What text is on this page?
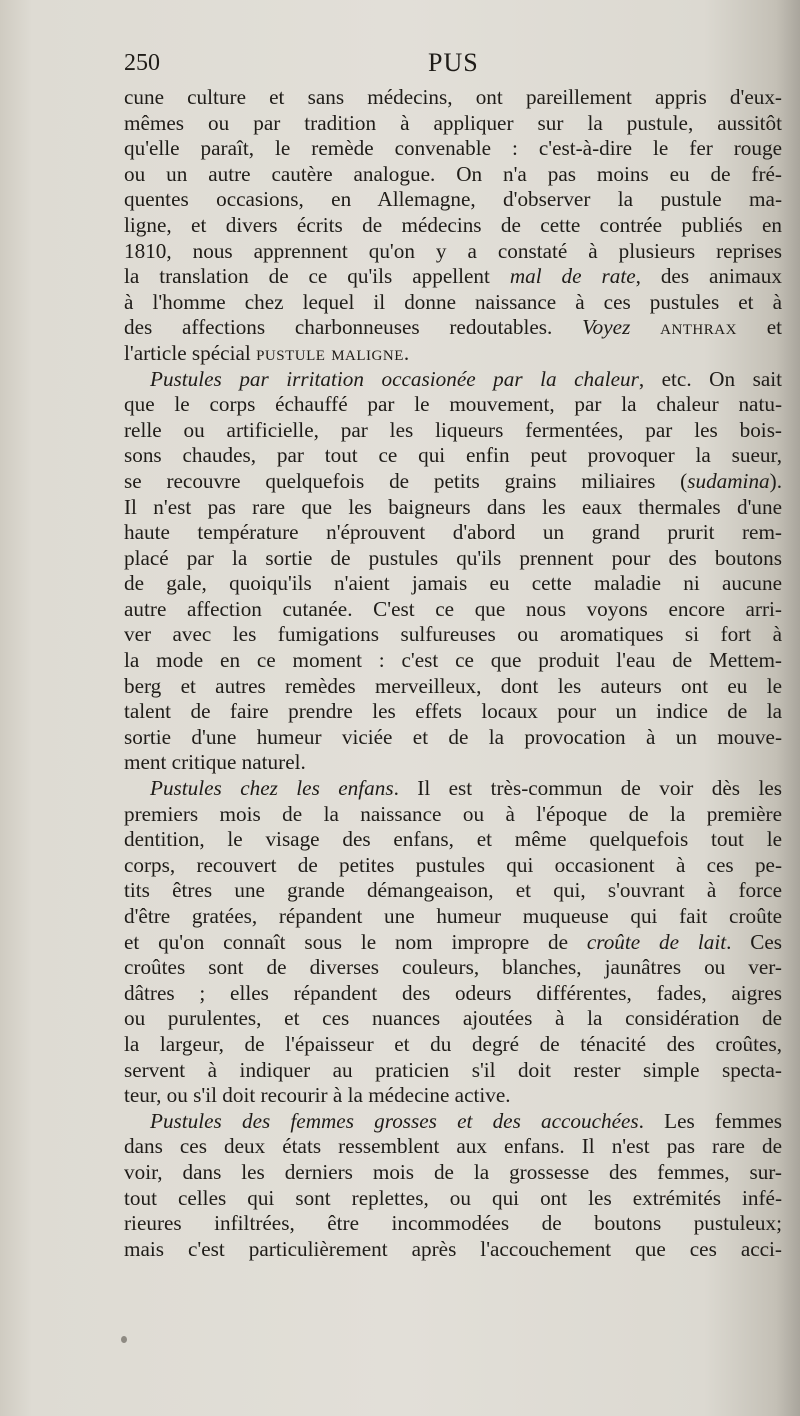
250	PUS
cune culture et sans médecins, ont pareillement appris d'eux-
mêmes ou par tradition à appliquer sur la pustule, aussitôt
qu'elle paraît, le remède convenable : c'est-à-dire le fer rouge
ou un autre cautère analogue. On n'a pas moins eu de fré-
quentes occasions, en Allemagne, d'observer la pustule ma-
ligne, et divers écrits de médecins de cette contrée publiés en
1810, nous apprennent qu'on y a constaté à plusieurs reprises
la translation de ce qu'ils appellent mal de rate, des animaux
à l'homme chez lequel il donne naissance à ces pustules et à
des affections charbonneuses redoutables. Voyez anthrax et
l'article spécial pustule maligne.
Pustules par irritation occasionée par la chaleur, etc. On sait
que le corps échauffé par le mouvement, par la chaleur natu-
relle ou artificielle, par les liqueurs fermentées, par les bois-
sons chaudes, par tout ce qui enfin peut provoquer la sueur,
se recouvre quelquefois de petits grains miliaires (sudamina).
Il n'est pas rare que les baigneurs dans les eaux thermales d'une
haute température n'éprouvent d'abord un grand prurit rem-
placé par la sortie de pustules qu'ils prennent pour des boutons
de gale, quoiqu'ils n'aient jamais eu cette maladie ni aucune
autre affection cutanée. C'est ce que nous voyons encore arri-
ver avec les fumigations sulfureuses ou aromatiques si fort à
la mode en ce moment : c'est ce que produit l'eau de Mettem-
berg et autres remèdes merveilleux, dont les auteurs ont eu le
talent de faire prendre les effets locaux pour un indice de la
sortie d'une humeur viciée et de la provocation à un mouve-
ment critique naturel.
Pustules chez les enfans. Il est très-commun de voir dès les
premiers mois de la naissance ou à l'époque de la première
dentition, le visage des enfans, et même quelquefois tout le
corps, recouvert de petites pustules qui occasionent à ces pe-
tits êtres une grande démangeaison, et qui, s'ouvrant à force
d'être gratées, répandent une humeur muqueuse qui fait croûte
et qu'on connaît sous le nom impropre de croûte de lait. Ces
croûtes sont de diverses couleurs, blanches, jaunâtres ou ver-
dâtres ; elles répandent des odeurs différentes, fades, aigres
ou purulentes, et ces nuances ajoutées à la considération de
la largeur, de l'épaisseur et du degré de ténacité des croûtes,
servent à indiquer au praticien s'il doit rester simple specta-
teur, ou s'il doit recourir à la médecine active.
Pustules des femmes grosses et des accouchées. Les femmes
dans ces deux états ressemblent aux enfans. Il n'est pas rare de
voir, dans les derniers mois de la grossesse des femmes, sur-
tout celles qui sont replettes, ou qui ont les extrémités infé-
rieures infiltrées, être incommodées de boutons pustuleux;
mais c'est particulièrement après l'accouchement que ces acci-
